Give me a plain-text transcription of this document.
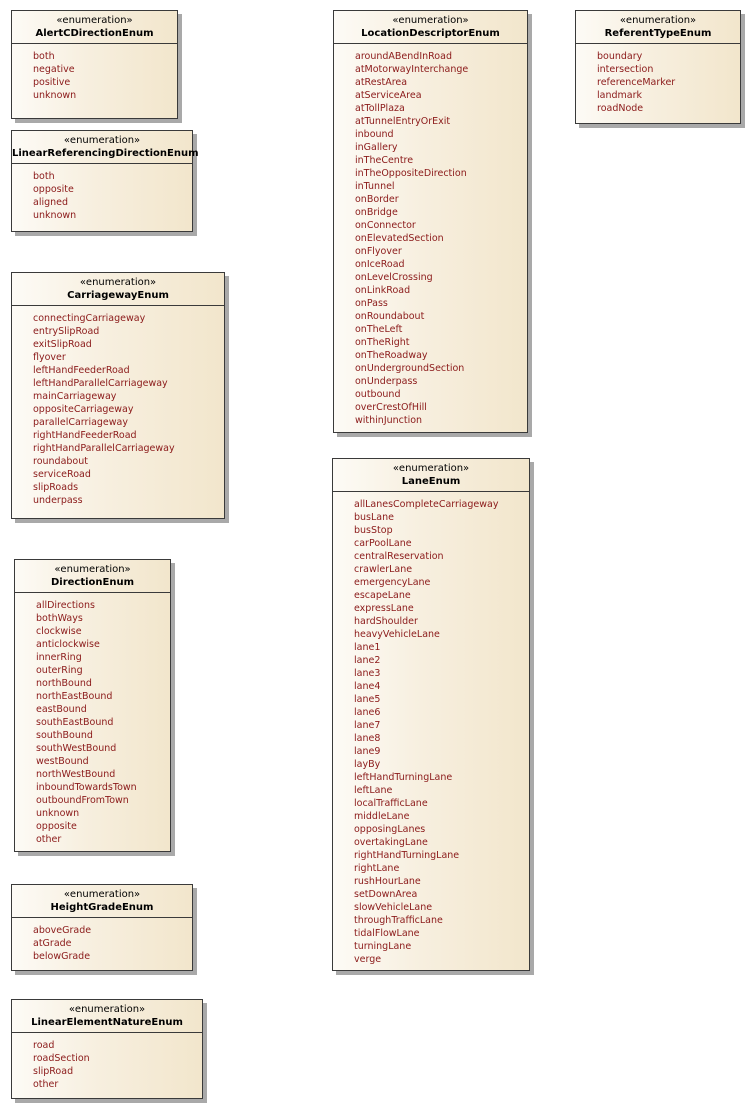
«enumeration»
AlertCDirectionEnum
both
negative
positive
unknown
«enumeration»
LinearReferencingDirectionEnum
both
opposite
aligned
unknown
«enumeration»
CarriagewayEnum
connectingCarriageway
entrySlipRoad
exitSlipRoad
flyover
leftHandFeederRoad
leftHandParallelCarriageway
mainCarriageway
oppositeCarriageway
parallelCarriageway
rightHandFeederRoad
rightHandParallelCarriageway
roundabout
serviceRoad
slipRoads
underpass
«enumeration»
DirectionEnum
allDirections
bothWays
clockwise
anticlockwise
innerRing
outerRing
northBound
northEastBound
eastBound
southEastBound
southBound
southWestBound
westBound
northWestBound
inboundTowardsTown
outboundFromTown
unknown
opposite
other
«enumeration»
HeightGradeEnum
aboveGrade
atGrade
belowGrade
«enumeration»
LinearElementNatureEnum
road
roadSection
slipRoad
other
«enumeration»
LocationDescriptorEnum
aroundABendInRoad
atMotorwayInterchange
atRestArea
atServiceArea
atTollPlaza
atTunnelEntryOrExit
inbound
inGallery
inTheCentre
inTheOppositeDirection
inTunnel
onBorder
onBridge
onConnector
onElevatedSection
onFlyover
onIceRoad
onLevelCrossing
onLinkRoad
onPass
onRoundabout
onTheLeft
onTheRight
onTheRoadway
onUndergroundSection
onUnderpass
outbound
overCrestOfHill
withinJunction
«enumeration»
LaneEnum
allLanesCompleteCarriageway
busLane
busStop
carPoolLane
centralReservation
crawlerLane
emergencyLane
escapeLane
expressLane
hardShoulder
heavyVehicleLane
lane1
lane2
lane3
lane4
lane5
lane6
lane7
lane8
lane9
layBy
leftHandTurningLane
leftLane
localTrafficLane
middleLane
opposingLanes
overtakingLane
rightHandTurningLane
rightLane
rushHourLane
setDownArea
slowVehicleLane
throughTrafficLane
tidalFlowLane
turningLane
verge
«enumeration»
ReferentTypeEnum
boundary
intersection
referenceMarker
landmark
roadNode
